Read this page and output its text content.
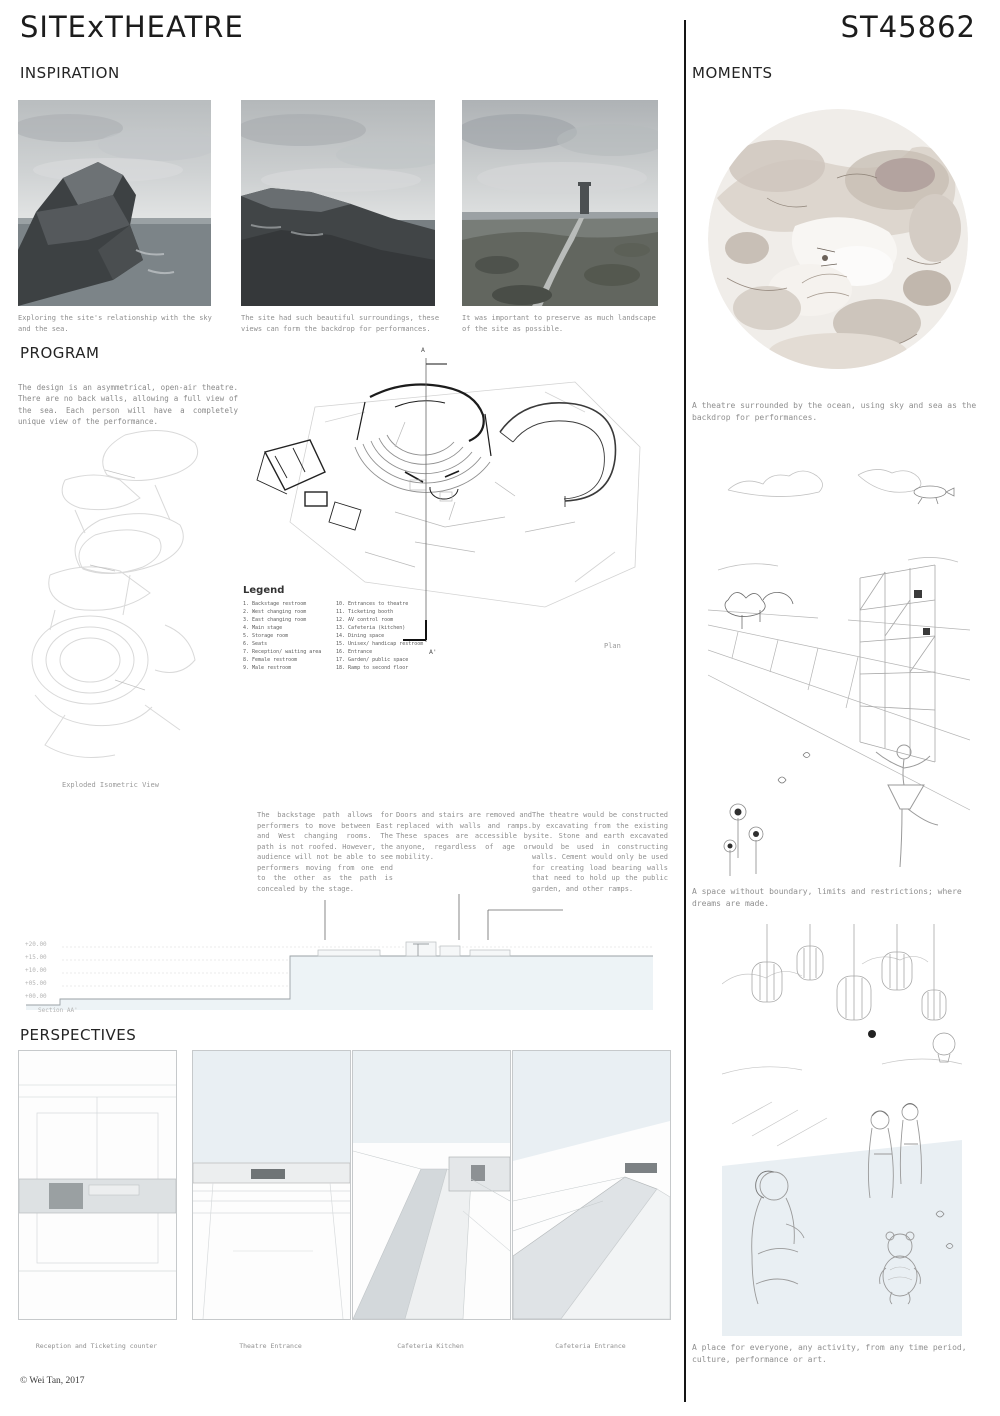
SITExTHEATRE	ST45862
INSPIRATION
Exploring the site's relationship with the sky and the sea.
The site had such beautiful surroundings, these views can form the backdrop for performances.
It was important to preserve as much landscape of the site as possible.
PROGRAM
The design is an asymmetrical, open-air theatre. There are no back walls, allowing a full view of the sea. Each person will have a completely unique view of the performance.
Exploded Isometric View
A
A'
Plan
Legend
1. Backstage restroom
2. West changing room
3. East changing room
4. Main stage
5. Storage room
6. Seats
7. Reception/ waiting area
8. Female restroom
9. Male restroom
10. Entrances to theatre
11. Ticketing booth
12. AV control room
13. Cafeteria (kitchen)
14. Dining space
15. Unisex/ handicap restroom
16. Entrance
17. Garden/ public space
18. Ramp to second floor
The backstage path allows for performers to move between East and West changing rooms. The path is not roofed. However, the audience will not be able to see performers moving from one end to the other as the path is concealed by the stage.
Doors and stairs are removed and replaced with walls and ramps. These spaces are accessible by anyone, regardless of age or mobility.
The theatre would be constructed by excavating from the existing site. Stone and earth excavated would be used in constructing walls. Cement would only be used for creating load bearing walls that need to hold up the public garden, and other ramps.
+20.00
+15.00
+10.00
+05.00
+00.00
Section AA'
PERSPECTIVES
Reception and Ticketing counter	Theatre Entrance	Cafeteria Kitchen	Cafeteria Entrance
© Wei Tan, 2017
MOMENTS
A theatre surrounded by the ocean, using sky and sea as the backdrop for performances.
A space without boundary, limits and restrictions; where dreams are made.
A place for everyone, any activity, from any time period, culture, performance or art.
